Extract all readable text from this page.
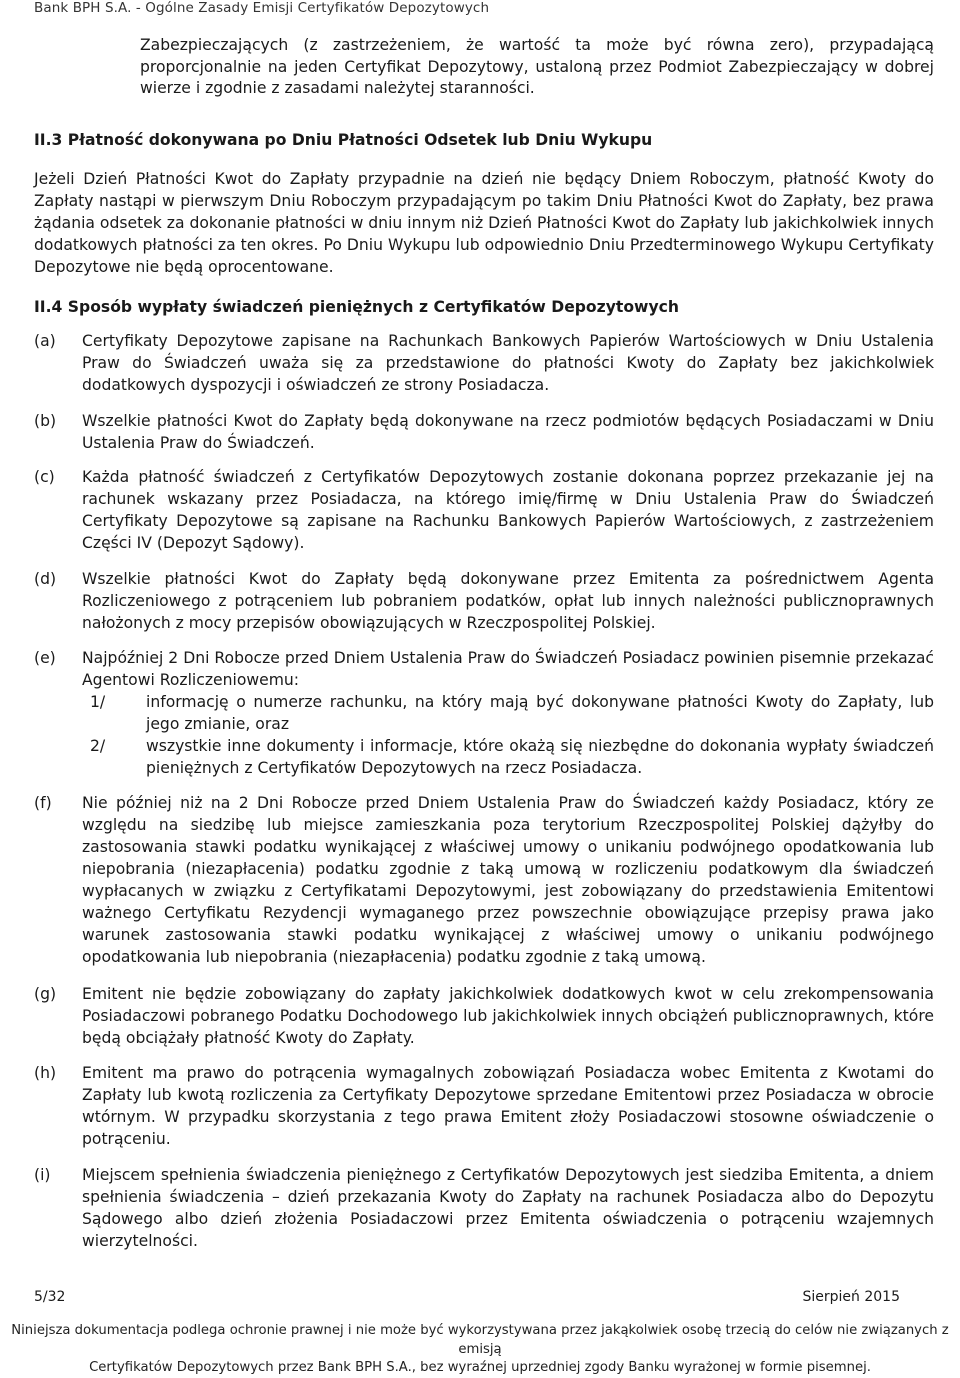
Bank BPH S.A. - Ogólne Zasady Emisji Certyfikatów Depozytowych
Zabezpieczających (z zastrzeżeniem, że wartość ta może być równa zero), przypadającą proporcjonalnie na jeden Certyfikat Depozytowy, ustaloną przez Podmiot Zabezpieczający w dobrej wierze i zgodnie z zasadami należytej staranności.
II.3 Płatność dokonywana po Dniu Płatności Odsetek lub Dniu Wykupu
Jeżeli Dzień Płatności Kwot do Zapłaty przypadnie na dzień nie będący Dniem Roboczym, płatność Kwoty do Zapłaty nastąpi w pierwszym Dniu Roboczym przypadającym po takim Dniu Płatności Kwot do Zapłaty, bez prawa żądania odsetek za dokonanie płatności w dniu innym niż Dzień Płatności Kwot do Zapłaty lub jakichkolwiek innych dodatkowych płatności za ten okres. Po Dniu Wykupu lub odpowiednio Dniu Przedterminowego Wykupu Certyfikaty Depozytowe nie będą oprocentowane.
II.4 Sposób wypłaty świadczeń pieniężnych z Certyfikatów Depozytowych
(a)	Certyfikaty Depozytowe zapisane na Rachunkach Bankowych Papierów Wartościowych w Dniu Ustalenia Praw do Świadczeń uważa się za przedstawione do płatności Kwoty do Zapłaty bez jakichkolwiek dodatkowych dyspozycji i oświadczeń ze strony Posiadacza.
(b)	Wszelkie płatności Kwot do Zapłaty będą dokonywane na rzecz podmiotów będących Posiadaczami w Dniu Ustalenia Praw do Świadczeń.
(c)	Każda płatność świadczeń z Certyfikatów Depozytowych zostanie dokonana poprzez przekazanie jej na rachunek wskazany przez Posiadacza, na którego imię/firmę w Dniu Ustalenia Praw do Świadczeń Certyfikaty Depozytowe są zapisane na Rachunku Bankowych Papierów Wartościowych, z zastrzeżeniem Części IV (Depozyt Sądowy).
(d)	Wszelkie płatności Kwot do Zapłaty będą dokonywane przez Emitenta za pośrednictwem Agenta Rozliczeniowego z potrąceniem lub pobraniem podatków, opłat lub innych należności publicznoprawnych nałożonych z mocy przepisów obowiązujących w Rzeczpospolitej Polskiej.
(e)	Najpóźniej 2 Dni Robocze przed Dniem Ustalenia Praw do Świadczeń Posiadacz powinien pisemnie przekazać Agentowi Rozliczeniowemu:
1/	informację o numerze rachunku, na który mają być dokonywane płatności Kwoty do Zapłaty, lub jego zmianie, oraz
2/	wszystkie inne dokumenty i informacje, które okażą się niezbędne do dokonania wypłaty świadczeń pieniężnych z Certyfikatów Depozytowych na rzecz Posiadacza.
(f)	Nie później niż na 2 Dni Robocze przed Dniem Ustalenia Praw do Świadczeń każdy Posiadacz, który ze względu na siedzibę lub miejsce zamieszkania poza terytorium Rzeczpospolitej Polskiej dążyłby do zastosowania stawki podatku wynikającej z właściwej umowy o unikaniu podwójnego opodatkowania lub niepobrania (niezapłacenia) podatku zgodnie z taką umową w rozliczeniu podatkowym dla świadczeń wypłacanych w związku z Certyfikatami Depozytowymi, jest zobowiązany do przedstawienia Emitentowi ważnego Certyfikatu Rezydencji wymaganego przez powszechnie obowiązujące przepisy prawa jako warunek zastosowania stawki podatku wynikającej z właściwej umowy o unikaniu podwójnego opodatkowania lub niepobrania (niezapłacenia) podatku zgodnie z taką umową.
(g)	Emitent nie będzie zobowiązany do zapłaty jakichkolwiek dodatkowych kwot w celu zrekompensowania Posiadaczowi pobranego Podatku Dochodowego lub jakichkolwiek innych obciążeń publicznoprawnych, które będą obciążały płatność Kwoty do Zapłaty.
(h)	Emitent ma prawo do potrącenia wymagalnych zobowiązań Posiadacza wobec Emitenta z Kwotami do Zapłaty lub kwotą rozliczenia za Certyfikaty Depozytowe sprzedane Emitentowi przez Posiadacza w obrocie wtórnym. W przypadku skorzystania z tego prawa Emitent złoży Posiadaczowi stosowne oświadczenie o potrąceniu.
(i)	Miejscem spełnienia świadczenia pieniężnego z Certyfikatów Depozytowych jest siedziba Emitenta, a dniem spełnienia świadczenia – dzień przekazania Kwoty do Zapłaty na rachunek Posiadacza albo do Depozytu Sądowego albo dzień złożenia Posiadaczowi przez Emitenta oświadczenia o potrąceniu wzajemnych wierzytelności.
5/32	Sierpień 2015
Niniejsza dokumentacja podlega ochronie prawnej i nie może być wykorzystywana przez jakąkolwiek osobę trzecią do celów nie związanych z emisją
Certyfikatów Depozytowych przez Bank BPH S.A., bez wyraźnej uprzedniej zgody Banku wyrażonej w formie pisemnej.
